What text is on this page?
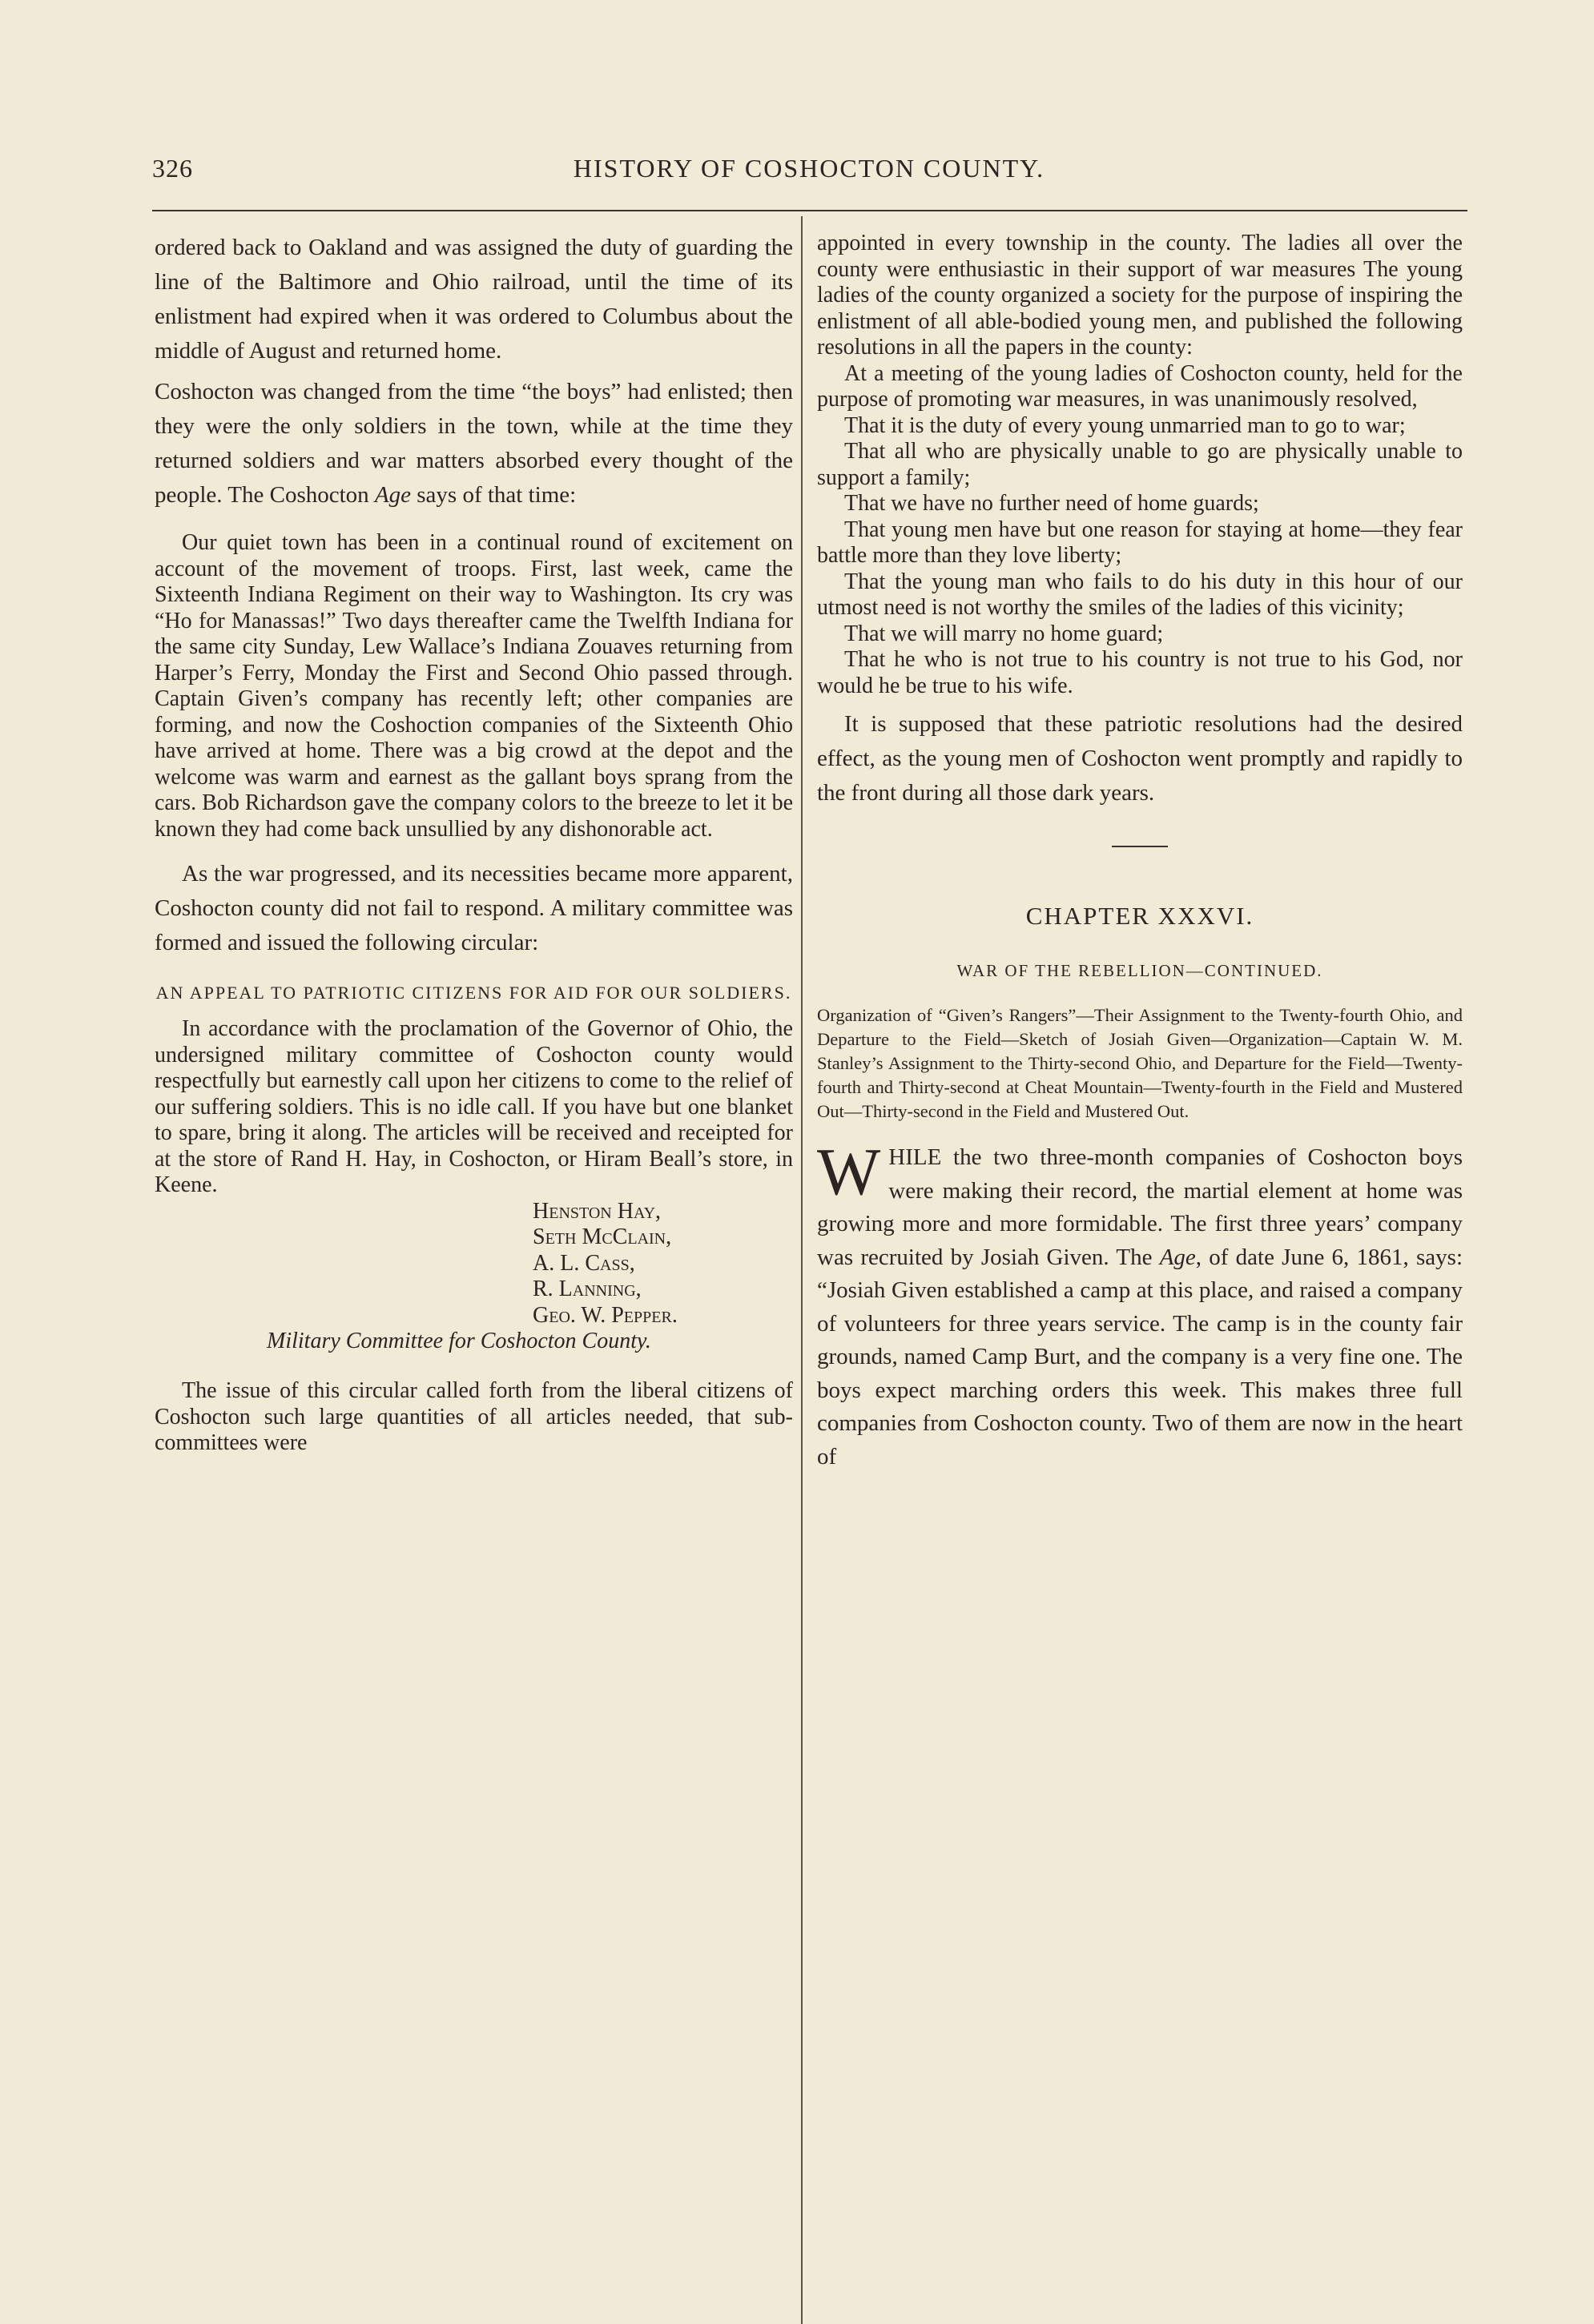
326	HISTORY OF COSHOCTON COUNTY.

ordered back to Oakland and was assigned the duty of guarding the line of the Baltimore and Ohio railroad, until the time of its enlistment had expired when it was ordered to Columbus about the middle of August and returned home.

Coshocton was changed from the time “the boys” had enlisted; then they were the only soldiers in the town, while at the time they returned soldiers and war matters absorbed every thought of the people. The Coshocton Age says of that time:

Our quiet town has been in a continual round of excitement on account of the movement of troops. First, last week, came the Sixteenth Indiana Regiment on their way to Washington. Its cry was “Ho for Manassas!” Two days thereafter came the Twelfth Indiana for the same city Sunday, Lew Wallace’s Indiana Zouaves returning from Harper’s Ferry, Monday the First and Second Ohio passed through. Captain Given’s company has recently left; other companies are forming, and now the Coshoction companies of the Sixteenth Ohio have arrived at home. There was a big crowd at the depot and the welcome was warm and earnest as the gallant boys sprang from the cars. Bob Richardson gave the company colors to the breeze to let it be known they had come back unsullied by any dishonorable act.

As the war progressed, and its necessities became more apparent, Coshocton county did not fail to respond. A military committee was formed and issued the following circular:

AN APPEAL TO PATRIOTIC CITIZENS FOR AID FOR OUR SOLDIERS.

In accordance with the proclamation of the Governor of Ohio, the undersigned military committee of Coshocton county would respectfully but earnestly call upon her citizens to come to the relief of our suffering soldiers. This is no idle call. If you have but one blanket to spare, bring it along. The articles will be received and receipted for at the store of Rand H. Hay, in Coshocton, or Hiram Beall’s store, in Keene.

Henston Hay,
Seth McClain,
A. L. Cass,
R. Lanning,
Geo. W. Pepper.
Military Committee for Coshocton County.

The issue of this circular called forth from the liberal citizens of Coshocton such large quantities of all articles needed, that sub-committees were

appointed in every township in the county. The ladies all over the county were enthusiastic in their support of war measures The young ladies of the county organized a society for the purpose of inspiring the enlistment of all able-bodied young men, and published the following resolutions in all the papers in the county:

At a meeting of the young ladies of Coshocton county, held for the purpose of promoting war measures, in was unanimously resolved,

That it is the duty of every young unmarried man to go to war;

That all who are physically unable to go are physically unable to support a family;

That we have no further need of home guards;

That young men have but one reason for staying at home—they fear battle more than they love liberty;

That the young man who fails to do his duty in this hour of our utmost need is not worthy the smiles of the ladies of this vicinity;

That we will marry no home guard;

That he who is not true to his country is not true to his God, nor would he be true to his wife.

It is supposed that these patriotic resolutions had the desired effect, as the young men of Coshocton went promptly and rapidly to the front during all those dark years.

CHAPTER XXXVI.
WAR OF THE REBELLION—CONTINUED.

Organization of “Given’s Rangers”—Their Assignment to the Twenty-fourth Ohio, and Departure to the Field—Sketch of Josiah Given—Organization—Captain W. M. Stanley’s Assignment to the Thirty-second Ohio, and Departure for the Field—Twenty-fourth and Thirty-second at Cheat Mountain—Twenty-fourth in the Field and Mustered Out—Thirty-second in the Field and Mustered Out.

WHILE the two three-month companies of Coshocton boys were making their record, the martial element at home was growing more and more formidable. The first three years’ company was recruited by Josiah Given. The Age, of date June 6, 1861, says: “Josiah Given established a camp at this place, and raised a company of volunteers for three years service. The camp is in the county fair grounds, named Camp Burt, and the company is a very fine one. The boys expect marching orders this week. This makes three full companies from Coshocton county. Two of them are now in the heart of
